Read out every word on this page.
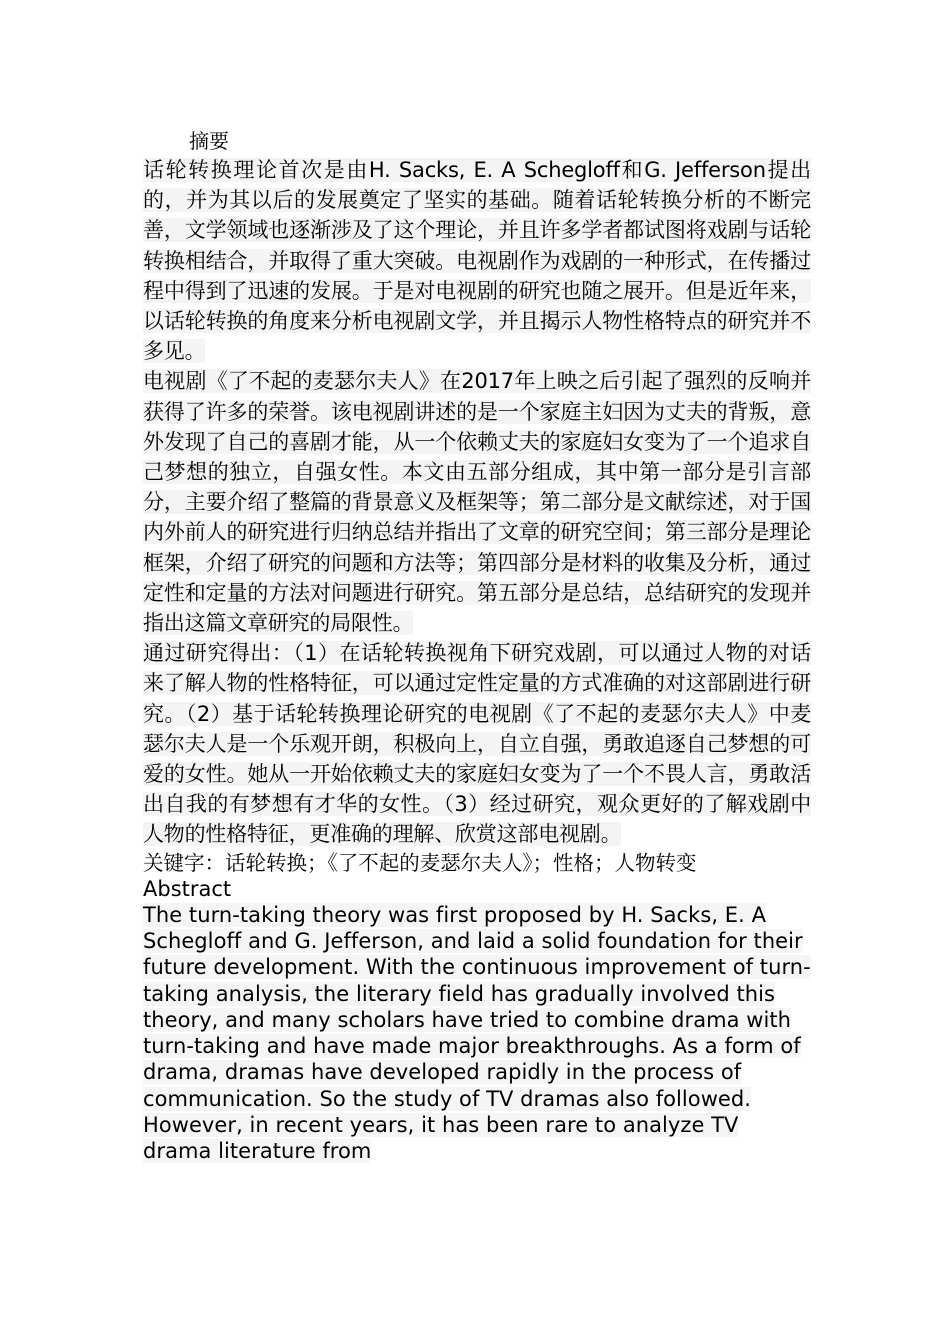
摘要

话轮转换理论首次是由H. Sacks, E. A Schegloff和G. Jefferson提出的，并为其以后的发展奠定了坚实的基础。随着话轮转换分析的不断完善，文学领域也逐渐涉及了这个理论，并且许多学者都试图将戏剧与话轮转换相结合，并取得了重大突破。电视剧作为戏剧的一种形式，在传播过程中得到了迅速的发展。于是对电视剧的研究也随之展开。但是近年来，以话轮转换的角度来分析电视剧文学，并且揭示人物性格特点的研究并不多见。

电视剧《了不起的麦瑟尔夫人》在2017年上映之后引起了强烈的反响并获得了许多的荣誉。该电视剧讲述的是一个家庭主妇因为丈夫的背叛，意外发现了自己的喜剧才能，从一个依赖丈夫的家庭妇女变为了一个追求自己梦想的独立，自强女性。本文由五部分组成，其中第一部分是引言部分，主要介绍了整篇的背景意义及框架等；第二部分是文献综述，对于国内外前人的研究进行归纳总结并指出了文章的研究空间；第三部分是理论框架，介绍了研究的问题和方法等；第四部分是材料的收集及分析，通过定性和定量的方法对问题进行研究。第五部分是总结，总结研究的发现并指出这篇文章研究的局限性。

通过研究得出：（1）在话轮转换视角下研究戏剧，可以通过人物的对话来了解人物的性格特征，可以通过定性定量的方式准确的对这部剧进行研究。（2）基于话轮转换理论研究的电视剧《了不起的麦瑟尔夫人》中麦瑟尔夫人是一个乐观开朗，积极向上，自立自强，勇敢追逐自己梦想的可爱的女性。她从一开始依赖丈夫的家庭妇女变为了一个不畏人言，勇敢活出自我的有梦想有才华的女性。（3）经过研究，观众更好的了解戏剧中人物的性格特征，更准确的理解、欣赏这部电视剧。

关键字：话轮转换；《了不起的麦瑟尔夫人》；性格；人物转变

Abstract

The turn-taking theory was first proposed by H. Sacks, E. A Schegloff and G. Jefferson, and laid a solid foundation for their future development. With the continuous improvement of turn-taking analysis, the literary field has gradually involved this theory, and many scholars have tried to combine drama with turn-taking and have made major breakthroughs. As a form of drama, dramas have developed rapidly in the process of communication. So the study of TV dramas also followed. However, in recent years, it has been rare to analyze TV drama literature from
